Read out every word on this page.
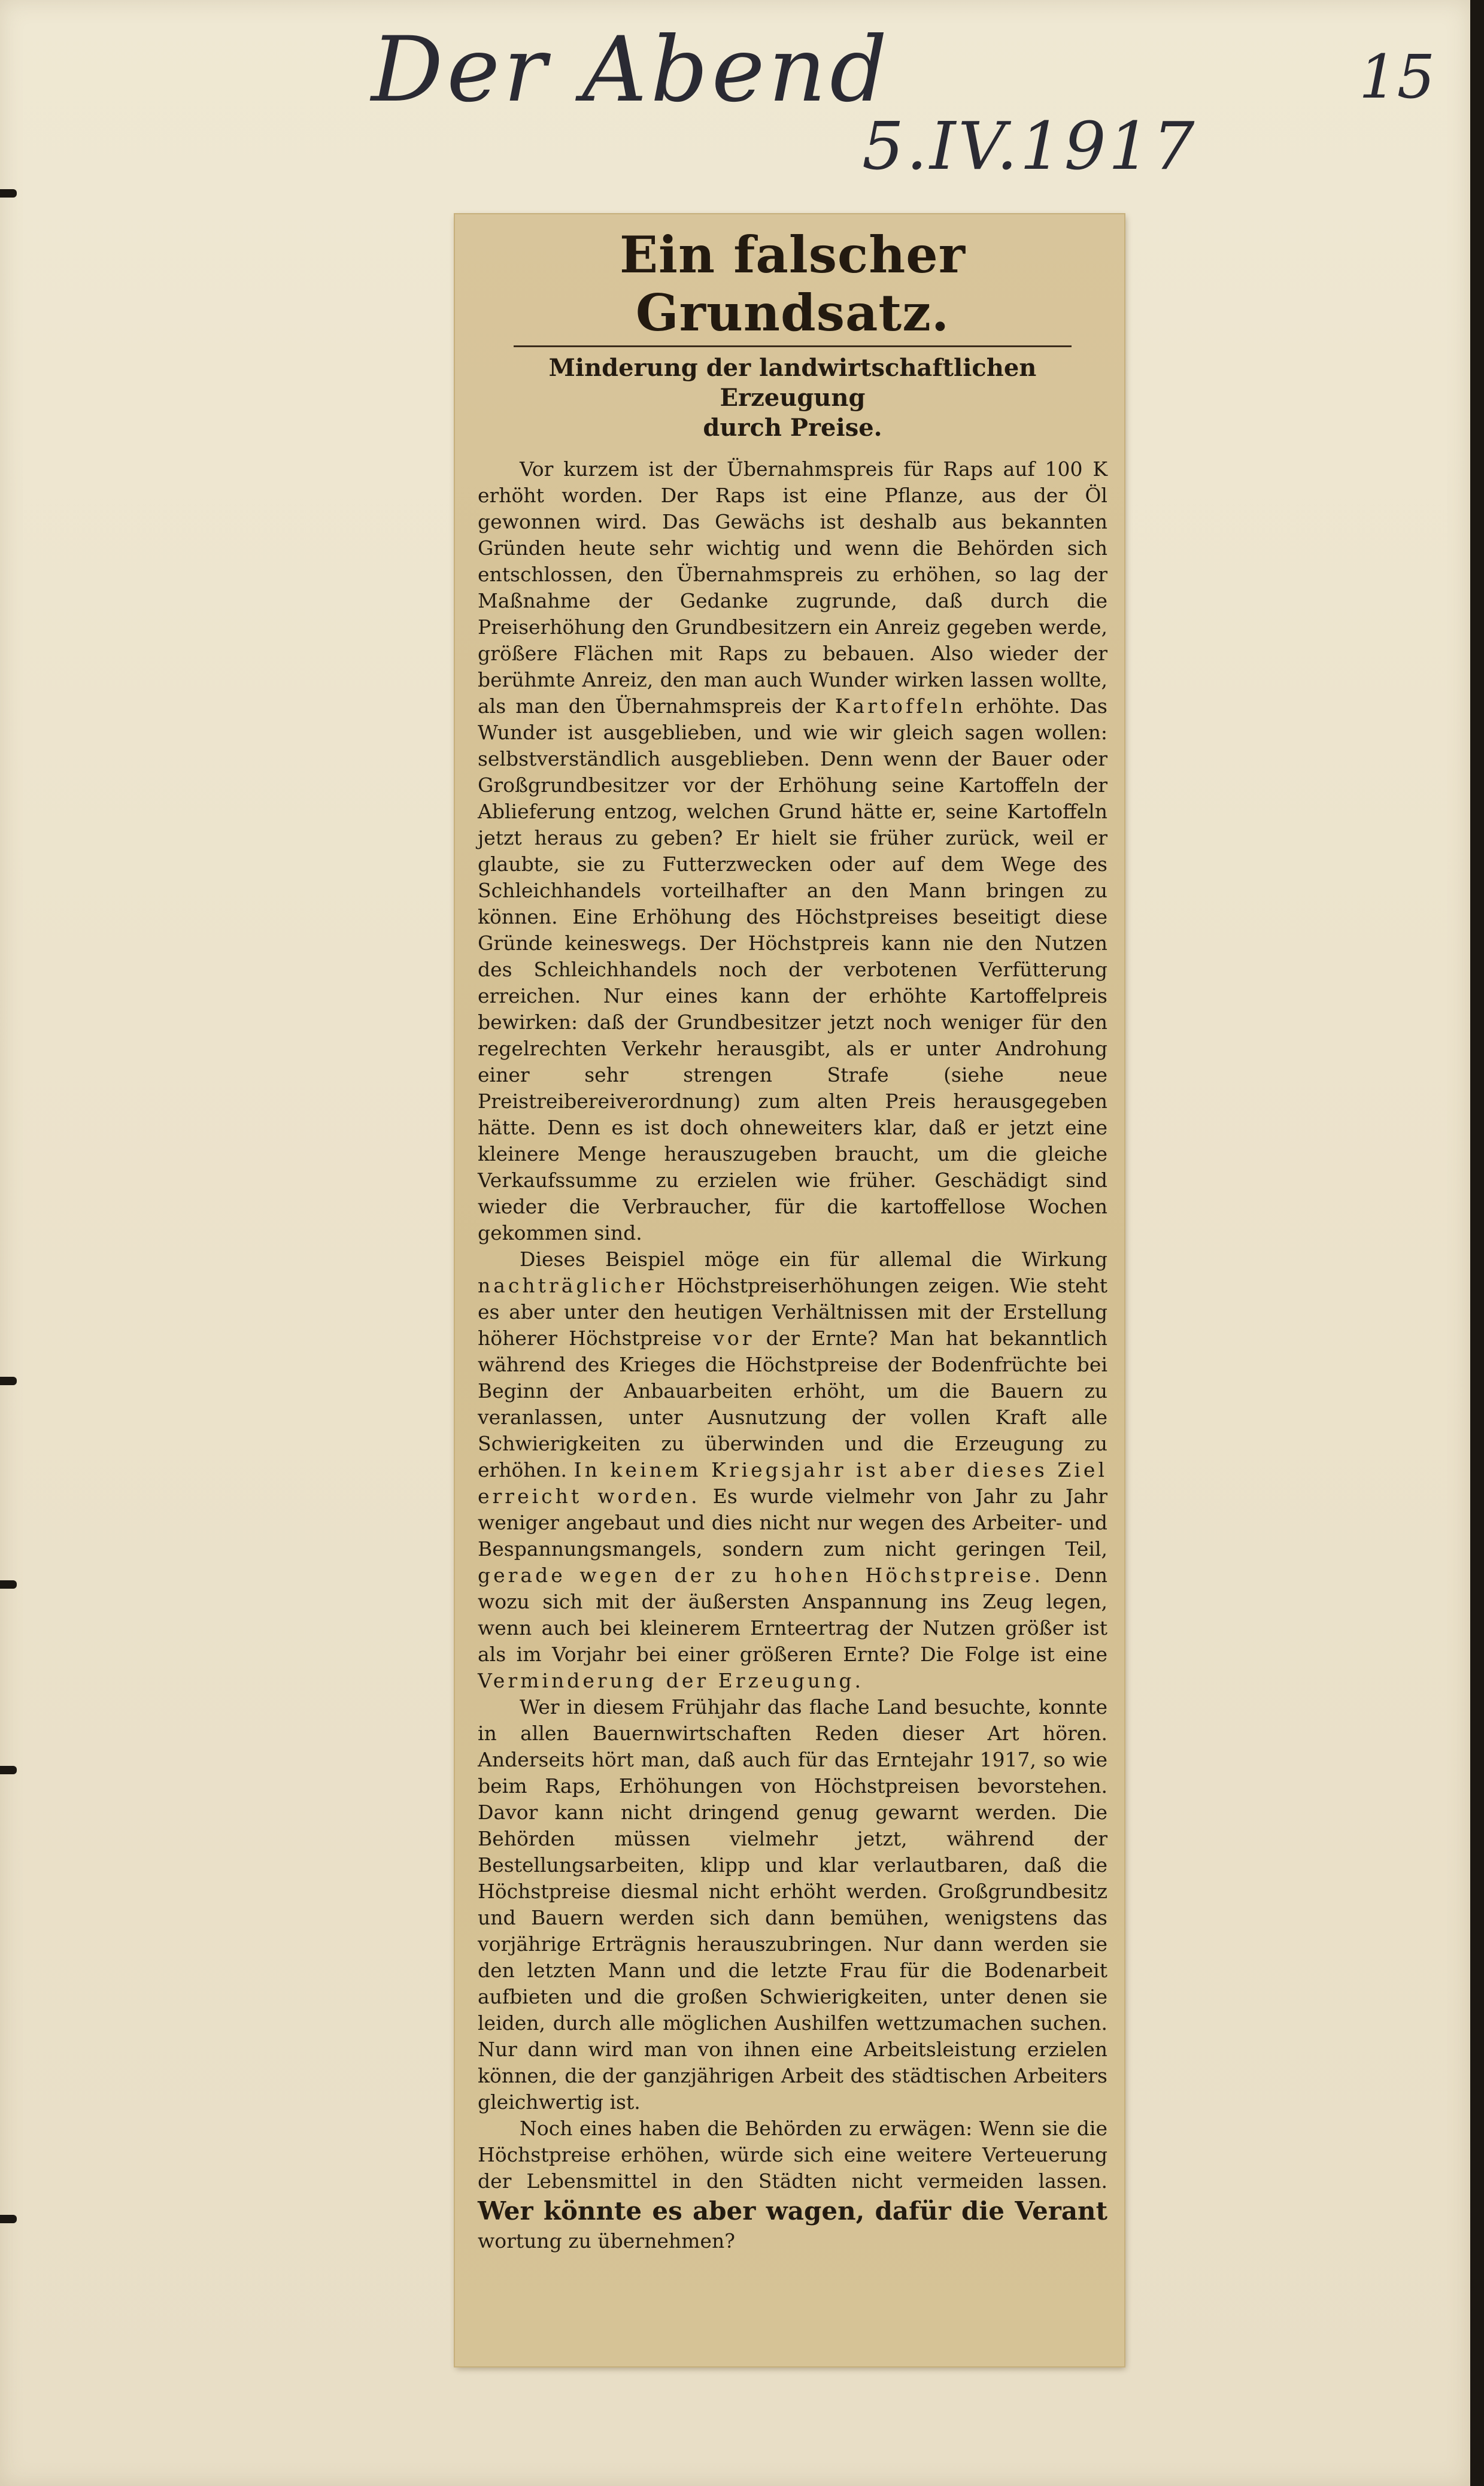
Der Abend
5.IV.1917
15
Ein falscher Grundsatz.
Minderung der landwirtschaftlichen Erzeugung
durch Preise.

Vor kurzem ist der Übernahmspreis für Raps auf 100 K erhöht worden. Der Raps ist eine Pflanze, aus der Öl gewonnen wird. Das Gewächs ist deshalb aus bekannten Gründen heute sehr wichtig und wenn die Behörden sich entschlossen, den Übernahmspreis zu erhöhen, so lag der Maßnahme der Gedanke zugrunde, daß durch die Preiserhöhung den Grundbesitzern ein Anreiz gegeben werde, größere Flächen mit Raps zu bebauen. Also wieder der berühmte Anreiz, den man auch Wunder wirken lassen wollte, als man den Übernahmspreis der Kartoffeln erhöhte. Das Wunder ist ausgeblieben, und wie wir gleich sagen wollen: selbstverständlich ausgeblieben. Denn wenn der Bauer oder Großgrundbesitzer vor der Erhöhung seine Kartoffeln der Ablieferung entzog, welchen Grund hätte er, seine Kartoffeln jetzt heraus zu geben? Er hielt sie früher zurück, weil er glaubte, sie zu Futterzwecken oder auf dem Wege des Schleichhandels vorteilhafter an den Mann bringen zu können. Eine Erhöhung des Höchstpreises beseitigt diese Gründe keineswegs. Der Höchstpreis kann nie den Nutzen des Schleichhandels noch der verbotenen Verfütterung erreichen. Nur eines kann der erhöhte Kartoffelpreis bewirken: daß der Grundbesitzer jetzt noch weniger für den regelrechten Verkehr herausgibt, als er unter Androhung einer sehr strengen Strafe (siehe neue Preistreibereiverordnung) zum alten Preis herausgegeben hätte. Denn es ist doch ohneweiters klar, daß er jetzt eine kleinere Menge herauszugeben braucht, um die gleiche Verkaufssumme zu erzielen wie früher. Geschädigt sind wieder die Verbraucher, für die kartoffellose Wochen gekommen sind.

Dieses Beispiel möge ein für allemal die Wirkung nachträglicher Höchstpreiserhöhungen zeigen. Wie steht es aber unter den heutigen Verhältnissen mit der Erstellung höherer Höchstpreise vor der Ernte? Man hat bekanntlich während des Krieges die Höchstpreise der Bodenfrüchte bei Beginn der Anbauarbeiten erhöht, um die Bauern zu veranlassen, unter Ausnutzung der vollen Kraft alle Schwierigkeiten zu überwinden und die Erzeugung zu erhöhen. In keinem Kriegsjahr ist aber dieses Ziel erreicht worden. Es wurde vielmehr von Jahr zu Jahr weniger angebaut und dies nicht nur wegen des Arbeiter- und Bespannungsmangels, sondern zum nicht geringen Teil, gerade wegen der zu hohen Höchstpreise. Denn wozu sich mit der äußersten Anspannung ins Zeug legen, wenn auch bei kleinerem Ernteertrag der Nutzen größer ist als im Vorjahr bei einer größeren Ernte? Die Folge ist eine Verminderung der Erzeugung.

Wer in diesem Frühjahr das flache Land besuchte, konnte in allen Bauernwirtschaften Reden dieser Art hören. Anderseits hört man, daß auch für das Erntejahr 1917, so wie beim Raps, Erhöhungen von Höchstpreisen bevorstehen. Davor kann nicht dringend genug gewarnt werden. Die Behörden müssen vielmehr jetzt, während der Bestellungsarbeiten, klipp und klar verlautbaren, daß die Höchstpreise diesmal nicht erhöht werden. Großgrundbesitz und Bauern werden sich dann bemühen, wenigstens das vorjährige Erträgnis herauszubringen. Nur dann werden sie den letzten Mann und die letzte Frau für die Bodenarbeit aufbieten und die großen Schwierigkeiten, unter denen sie leiden, durch alle möglichen Aushilfen wettzumachen suchen. Nur dann wird man von ihnen eine Arbeitsleistung erzielen können, die der ganzjährigen Arbeit des städtischen Arbeiters gleichwertig ist.

Noch eines haben die Behörden zu erwägen: Wenn sie die Höchstpreise erhöhen, würde sich eine weitere Verteuerung der Lebensmittel in den Städten nicht vermeiden lassen. Wer könnte es aber wagen, dafür die Verant wortung zu übernehmen?
